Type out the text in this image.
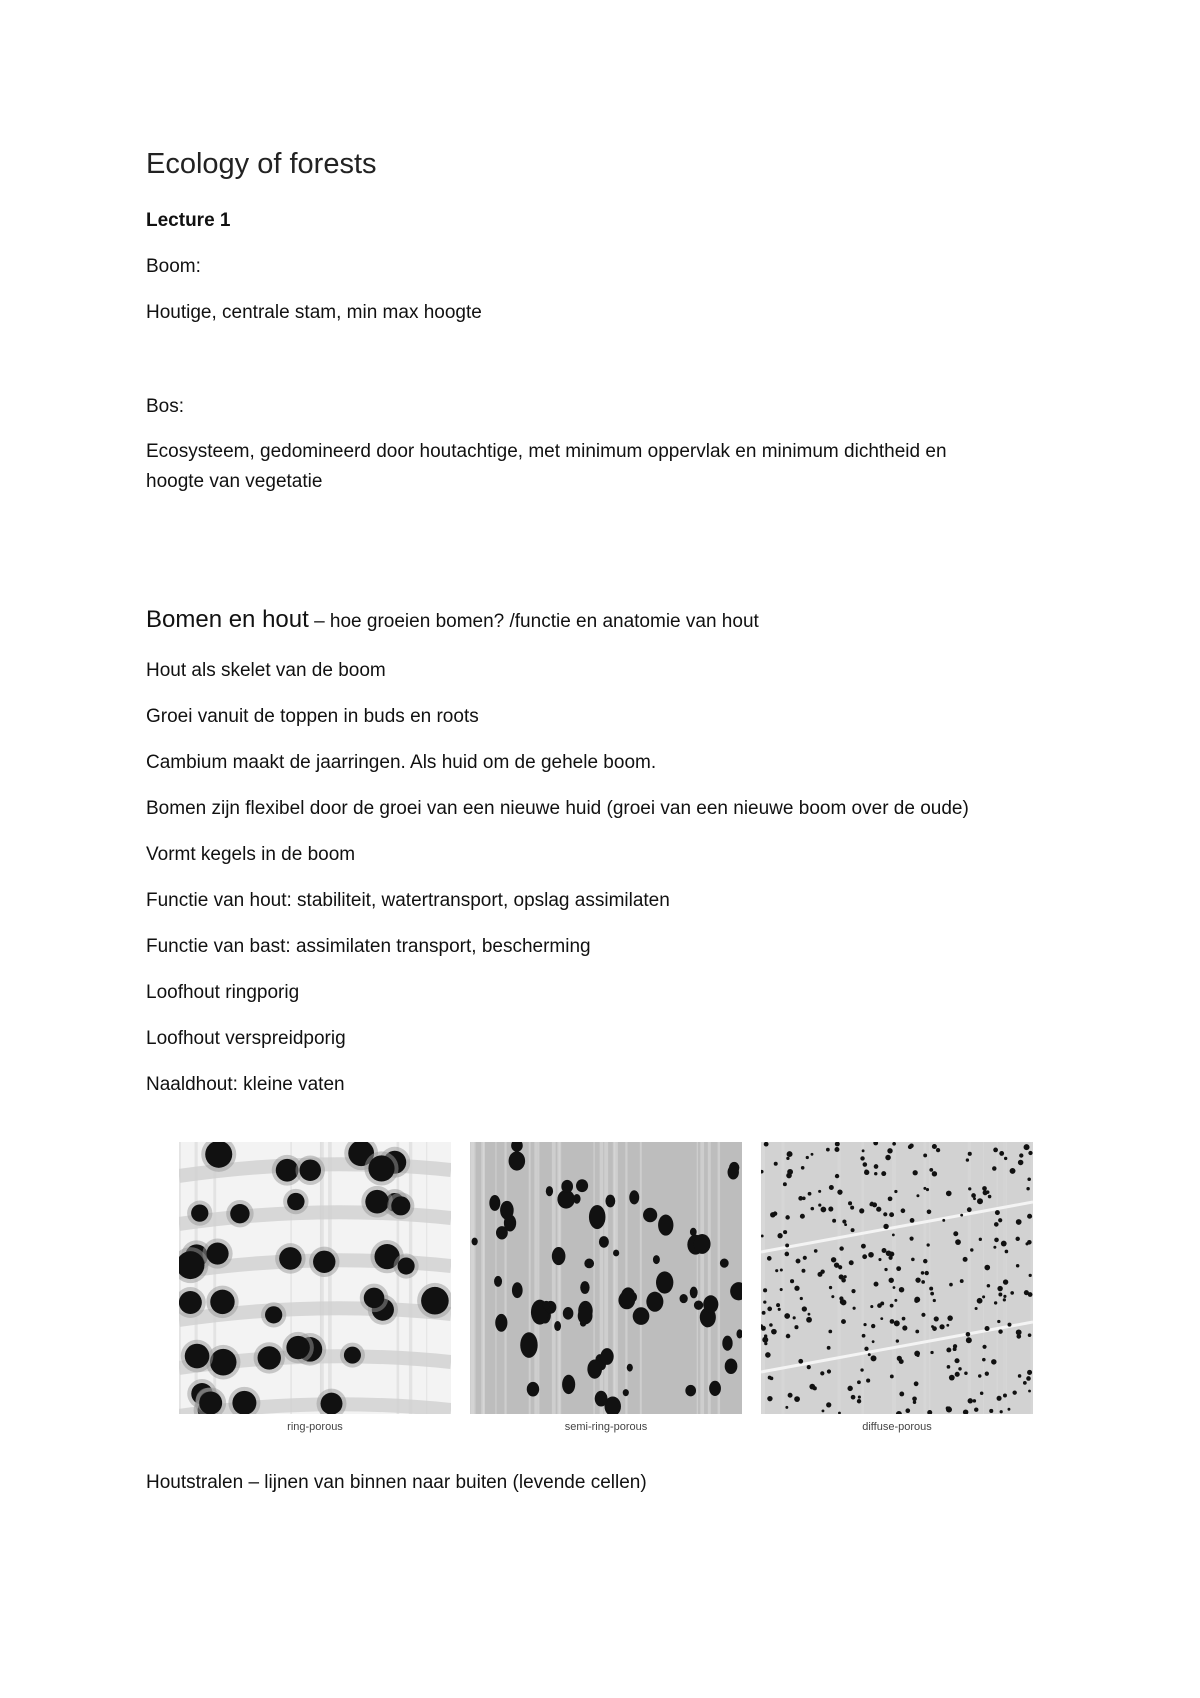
Ecology of forests

Lecture 1

Boom:

Houtige, centrale stam, min max hoogte

Bos:

Ecosysteem, gedomineerd door houtachtige, met minimum oppervlak en minimum dichtheid en

hoogte van vegetatie

Bomen en hout – hoe groeien bomen? /functie en anatomie van hout

Hout als skelet van de boom

Groei vanuit de toppen in buds en roots

Cambium maakt de jaarringen. Als huid om de gehele boom.

Bomen zijn flexibel door de groei van een nieuwe huid (groei van een nieuwe boom over de oude)

Vormt kegels in de boom

Functie van hout: stabiliteit, watertransport, opslag assimilaten

Functie van bast: assimilaten transport, bescherming

Loofhout ringporig

Loofhout verspreidporig

Naaldhout: kleine vaten

ring-porous	semi-ring-porous	diffuse-porous

Houtstralen – lijnen van binnen naar buiten (levende cellen)
